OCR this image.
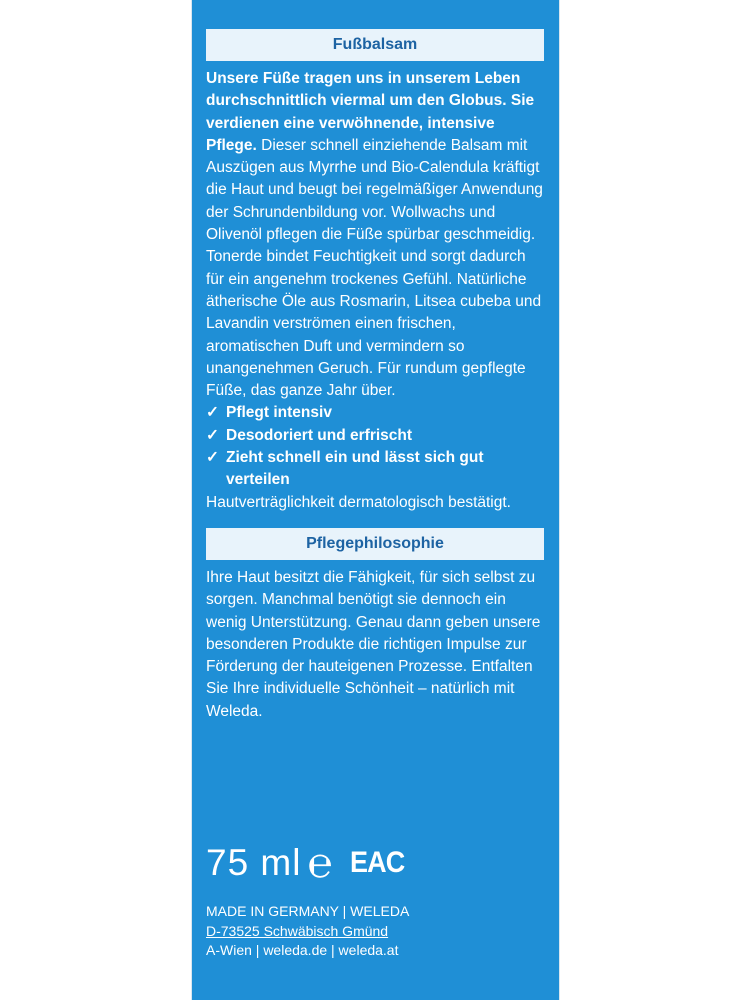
Fußbalsam

Unsere Füße tragen uns in unserem Leben durchschnittlich viermal um den Globus. Sie verdienen eine verwöhnende, intensive Pflege. Dieser schnell einziehende Balsam mit Auszügen aus Myrrhe und Bio-Calendula kräftigt die Haut und beugt bei regelmäßiger Anwendung der Schrundenbildung vor. Wollwachs und Olivenöl pflegen die Füße spürbar geschmeidig. Tonerde bindet Feuchtigkeit und sorgt dadurch für ein angenehm trockenes Gefühl. Natürliche ätherische Öle aus Rosmarin, Litsea cubeba und Lavandin verströmen einen frischen, aromatischen Duft und vermindern so unangenehmen Geruch. Für rundum gepflegte Füße, das ganze Jahr über.

✓ Pflegt intensiv
✓ Desodoriert und erfrischt
✓ Zieht schnell ein und lässt sich gut verteilen

Hautverträglichkeit dermatologisch bestätigt.

Pflegephilosophie

Ihre Haut besitzt die Fähigkeit, für sich selbst zu sorgen. Manchmal benötigt sie dennoch ein wenig Unterstützung. Genau dann geben unsere besonderen Produkte die richtigen Impulse zur Förderung der hauteigenen Prozesse. Entfalten Sie Ihre individuelle Schönheit – natürlich mit Weleda.

75 ml ℮ EAC
MADE IN GERMANY | WELEDA
D-73525 Schwäbisch Gmünd
A-Wien | weleda.de | weleda.at
